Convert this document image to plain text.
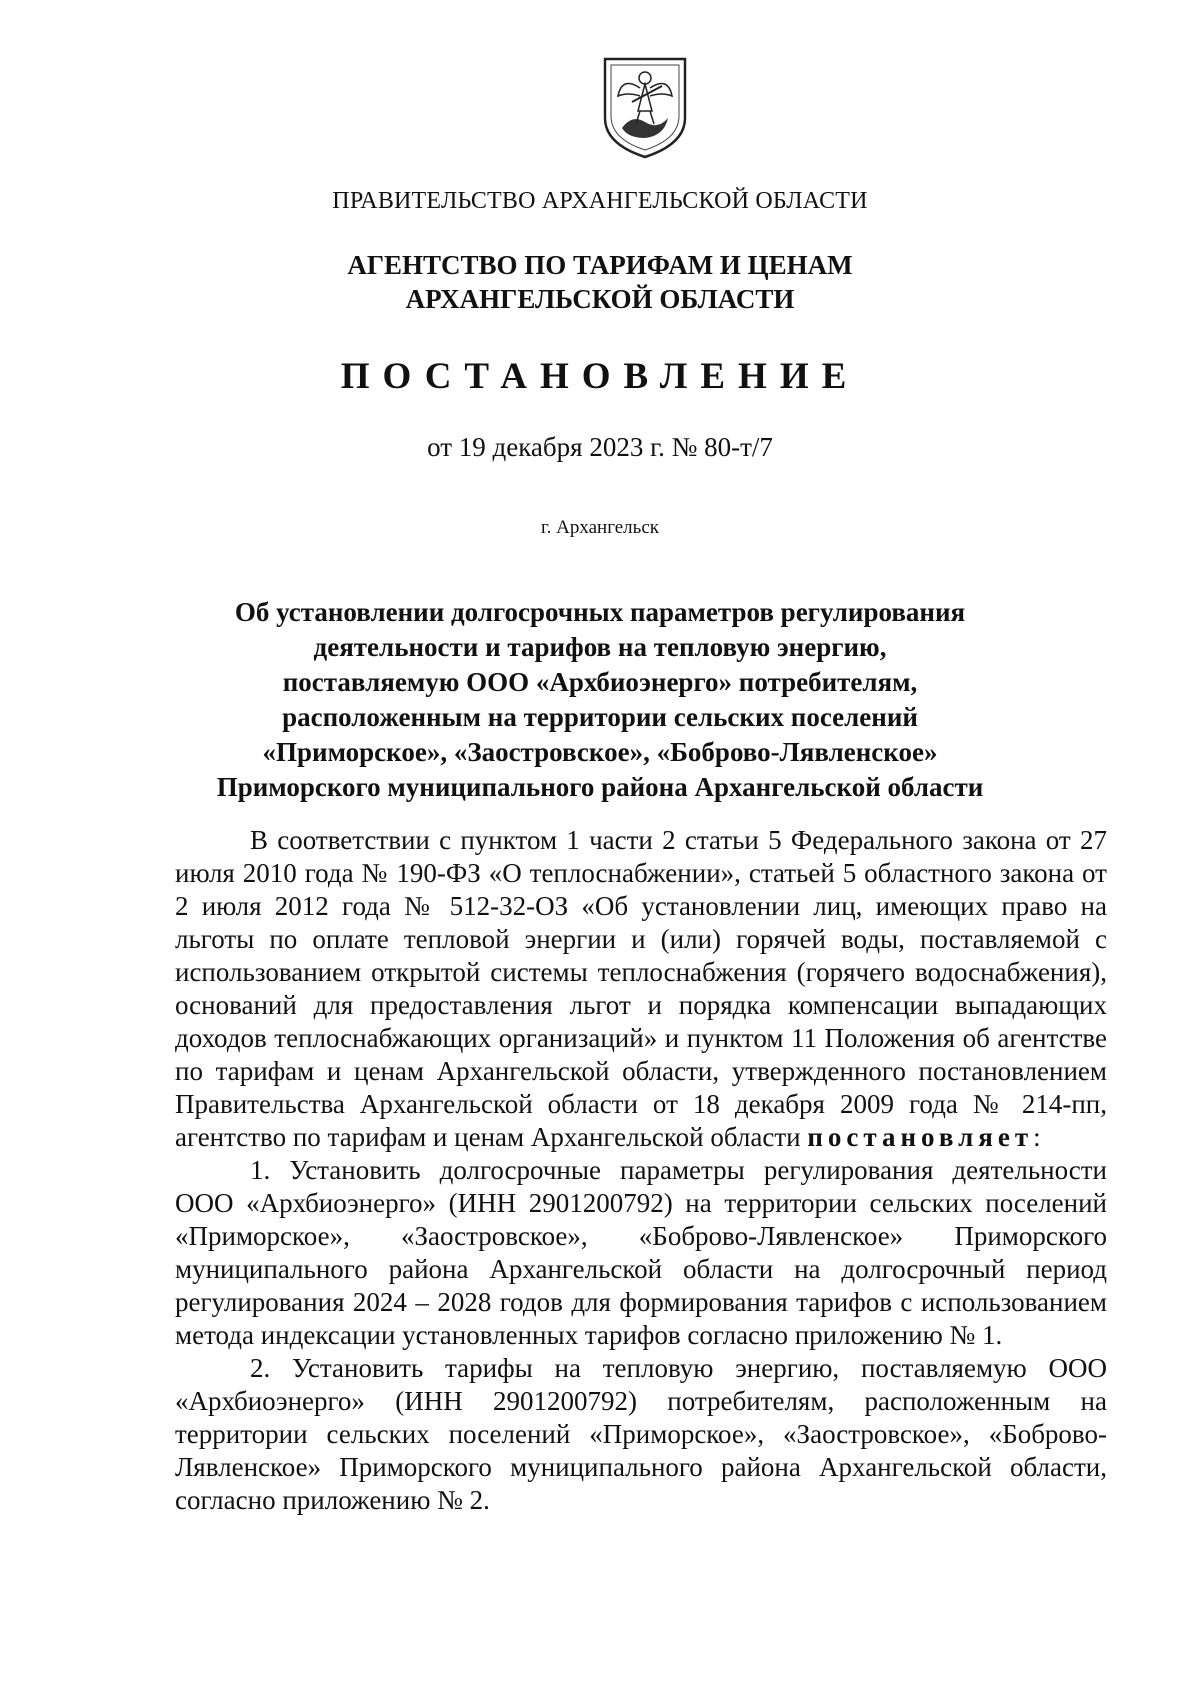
ПРАВИТЕЛЬСТВО АРХАНГЕЛЬСКОЙ ОБЛАСТИ
АГЕНТСТВО ПО ТАРИФАМ И ЦЕНАМ
АРХАНГЕЛЬСКОЙ ОБЛАСТИ
ПОСТАНОВЛЕНИЕ
от 19 декабря 2023 г. № 80-т/7
г. Архангельск
Об установлении долгосрочных параметров регулирования
деятельности и тарифов на тепловую энергию,
поставляемую ООО «Архбиоэнерго» потребителям,
расположенным на территории сельских поселений
«Приморское», «Заостровское», «Боброво-Лявленское»
Приморского муниципального района Архангельской области

В соответствии с пунктом 1 части 2 статьи 5 Федерального закона от 27 июля 2010 года № 190-ФЗ «О теплоснабжении», статьей 5 областного закона от 2 июля 2012 года № 512-32-ОЗ «Об установлении лиц, имеющих право на льготы по оплате тепловой энергии и (или) горячей воды, поставляемой с использованием открытой системы теплоснабжения (горячего водоснабжения), оснований для предоставления льгот и порядка компенсации выпадающих доходов теплоснабжающих организаций» и пунктом 11 Положения об агентстве по тарифам и ценам Архангельской области, утвержденного постановлением Правительства Архангельской области от 18 декабря 2009 года № 214-пп, агентство по тарифам и ценам Архангельской области постановляет:

1. Установить долгосрочные параметры регулирования деятельности ООО «Архбиоэнерго» (ИНН 2901200792) на территории сельских поселений «Приморское», «Заостровское», «Боброво-Лявленское» Приморского муниципального района Архангельской области на долгосрочный период регулирования 2024 – 2028 годов для формирования тарифов с использованием метода индексации установленных тарифов согласно приложению № 1.

2. Установить тарифы на тепловую энергию, поставляемую ООО «Архбиоэнерго» (ИНН 2901200792) потребителям, расположенным на территории сельских поселений «Приморское», «Заостровское», «Боброво-Лявленское» Приморского муниципального района Архангельской области, согласно приложению № 2.
